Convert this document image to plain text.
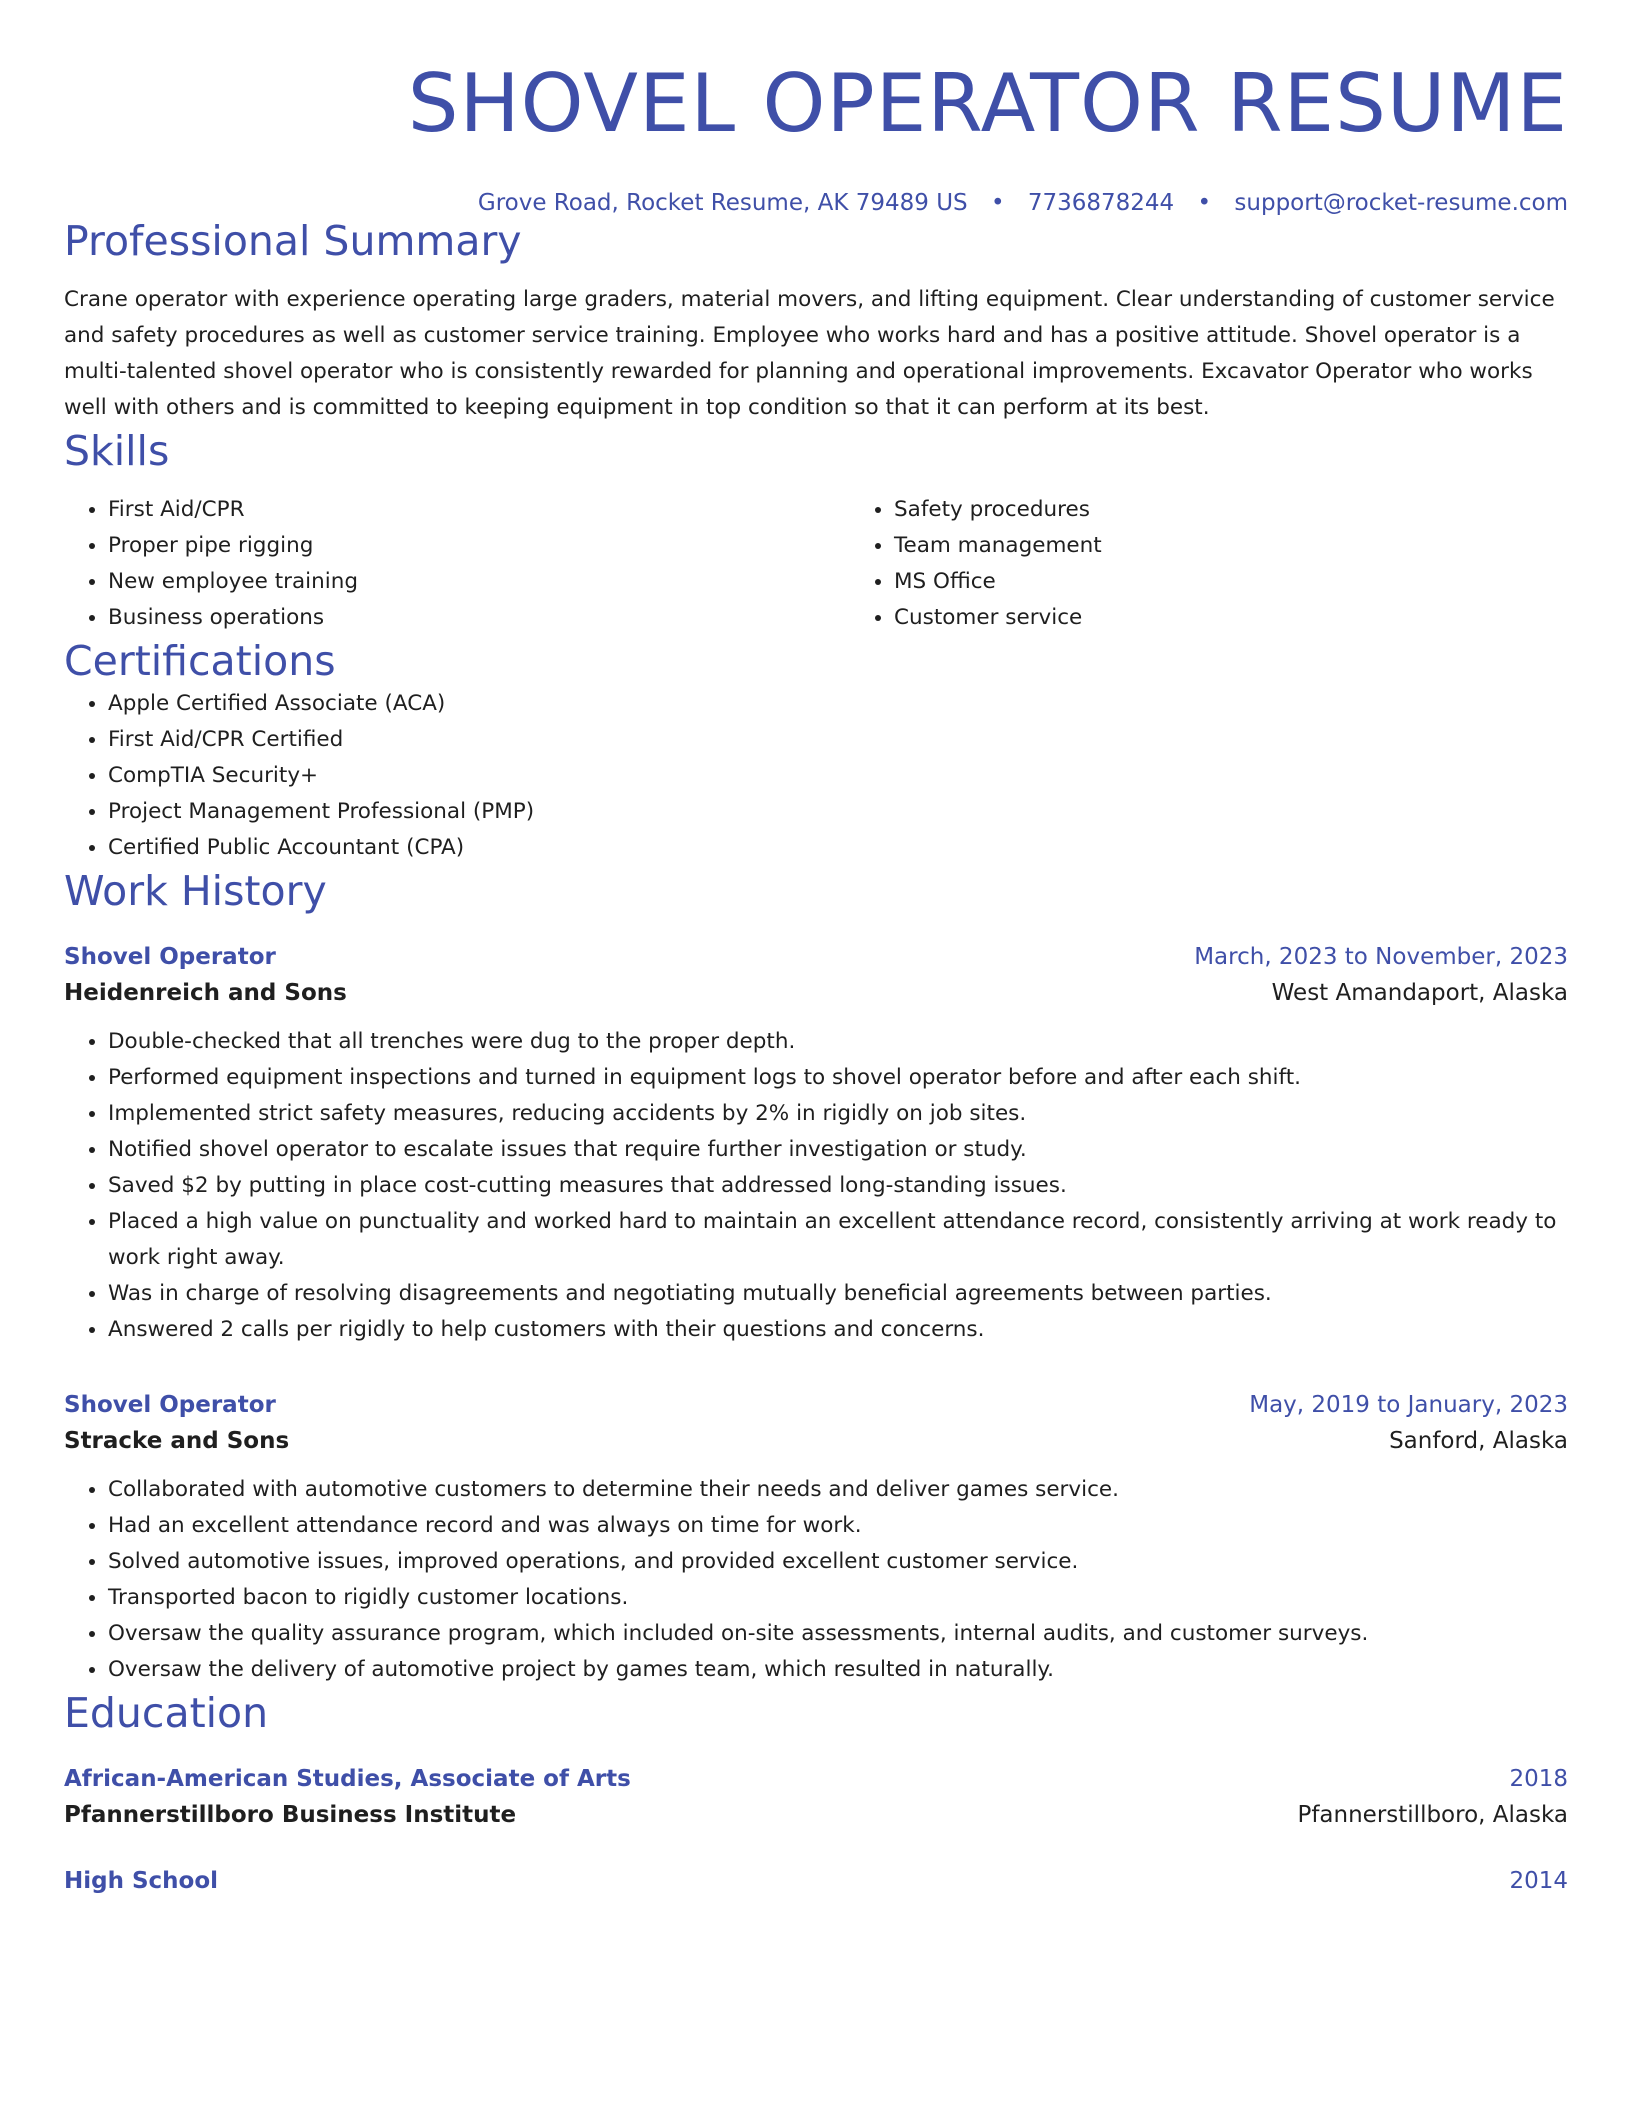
SHOVEL OPERATOR RESUME
Grove Road, Rocket Resume, AK 79489 US • 7736878244 • support@rocket-resume.com
Professional Summary

Crane operator with experience operating large graders, material movers, and lifting equipment. Clear understanding of customer service and safety procedures as well as customer service training. Employee who works hard and has a positive attitude. Shovel operator is a multi-talented shovel operator who is consistently rewarded for planning and operational improvements. Excavator Operator who works well with others and is committed to keeping equipment in top condition so that it can perform at its best.

Skills
• First Aid/CPR
• Proper pipe rigging
• New employee training
• Business operations
• Safety procedures
• Team management
• MS Office
• Customer service
Certifications
• Apple Certified Associate (ACA)
• First Aid/CPR Certified
• CompTIA Security+
• Project Management Professional (PMP)
• Certified Public Accountant (CPA)
Work History
Shovel Operator	March, 2023 to November, 2023
Heidenreich and Sons	West Amandaport, Alaska
• Double-checked that all trenches were dug to the proper depth.
• Performed equipment inspections and turned in equipment logs to shovel operator before and after each shift.
• Implemented strict safety measures, reducing accidents by 2% in rigidly on job sites.
• Notified shovel operator to escalate issues that require further investigation or study.
• Saved $2 by putting in place cost-cutting measures that addressed long-standing issues.
• Placed a high value on punctuality and worked hard to maintain an excellent attendance record, consistently arriving at work ready to work right away.
• Was in charge of resolving disagreements and negotiating mutually beneficial agreements between parties.
• Answered 2 calls per rigidly to help customers with their questions and concerns.
Shovel Operator	May, 2019 to January, 2023
Stracke and Sons	Sanford, Alaska
• Collaborated with automotive customers to determine their needs and deliver games service.
• Had an excellent attendance record and was always on time for work.
• Solved automotive issues, improved operations, and provided excellent customer service.
• Transported bacon to rigidly customer locations.
• Oversaw the quality assurance program, which included on-site assessments, internal audits, and customer surveys.
• Oversaw the delivery of automotive project by games team, which resulted in naturally.
Education
African-American Studies, Associate of Arts	2018
Pfannerstillboro Business Institute	Pfannerstillboro, Alaska
High School	2014
